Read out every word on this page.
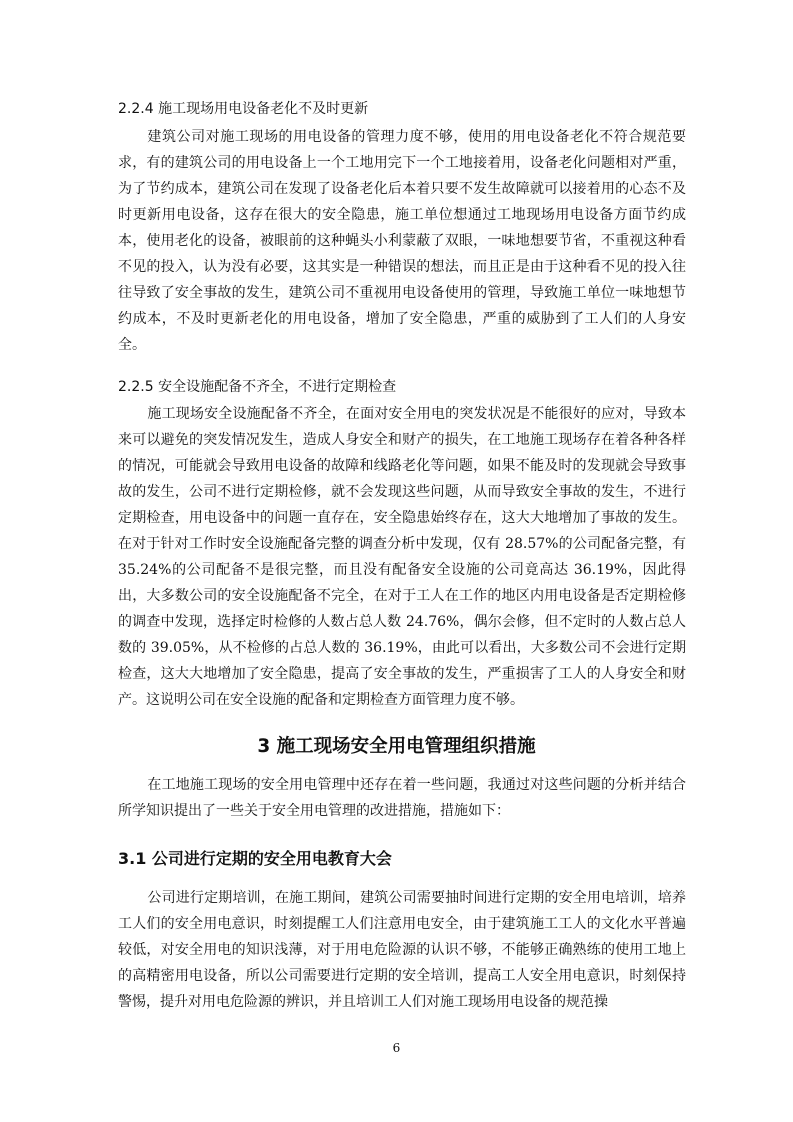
2.2.4 施工现场用电设备老化不及时更新
建筑公司对施工现场的用电设备的管理力度不够，使用的用电设备老化不符合规范要求，有的建筑公司的用电设备上一个工地用完下一个工地接着用，设备老化问题相对严重，为了节约成本，建筑公司在发现了设备老化后本着只要不发生故障就可以接着用的心态不及时更新用电设备，这存在很大的安全隐患，施工单位想通过工地现场用电设备方面节约成本，使用老化的设备，被眼前的这种蝇头小利蒙蔽了双眼，一味地想要节省，不重视这种看不见的投入，认为没有必要，这其实是一种错误的想法，而且正是由于这种看不见的投入往往导致了安全事故的发生，建筑公司不重视用电设备使用的管理，导致施工单位一味地想节约成本，不及时更新老化的用电设备，增加了安全隐患，严重的威胁到了工人们的人身安全。
2.2.5 安全设施配备不齐全，不进行定期检查
施工现场安全设施配备不齐全，在面对安全用电的突发状况是不能很好的应对，导致本来可以避免的突发情况发生，造成人身安全和财产的损失，在工地施工现场存在着各种各样的情况，可能就会导致用电设备的故障和线路老化等问题，如果不能及时的发现就会导致事故的发生，公司不进行定期检修，就不会发现这些问题，从而导致安全事故的发生，不进行定期检查，用电设备中的问题一直存在，安全隐患始终存在，这大大地增加了事故的发生。在对于针对工作时安全设施配备完整的调查分析中发现，仅有 28.57%的公司配备完整，有 35.24%的公司配备不是很完整，而且没有配备安全设施的公司竟高达 36.19%，因此得出，大多数公司的安全设施配备不完全，在对于工人在工作的地区内用电设备是否定期检修的调查中发现，选择定时检修的人数占总人数 24.76%，偶尔会修，但不定时的人数占总人数的 39.05%，从不检修的占总人数的 36.19%，由此可以看出，大多数公司不会进行定期检查，这大大地增加了安全隐患，提高了安全事故的发生，严重损害了工人的人身安全和财产。这说明公司在安全设施的配备和定期检查方面管理力度不够。
3 施工现场安全用电管理组织措施
在工地施工现场的安全用电管理中还存在着一些问题，我通过对这些问题的分析并结合所学知识提出了一些关于安全用电管理的改进措施，措施如下：
3.1 公司进行定期的安全用电教育大会
公司进行定期培训，在施工期间，建筑公司需要抽时间进行定期的安全用电培训，培养工人们的安全用电意识，时刻提醒工人们注意用电安全，由于建筑施工工人的文化水平普遍较低，对安全用电的知识浅薄，对于用电危险源的认识不够，不能够正确熟练的使用工地上的高精密用电设备，所以公司需要进行定期的安全培训，提高工人安全用电意识，时刻保持警惕，提升对用电危险源的辨识，并且培训工人们对施工现场用电设备的规范操
6
